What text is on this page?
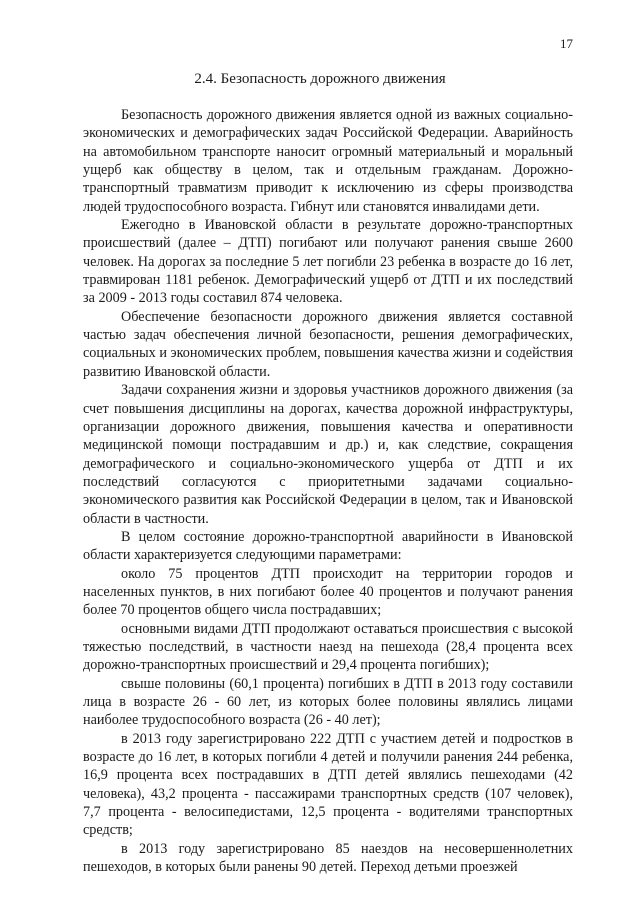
17
2.4. Безопасность дорожного движения

Безопасность дорожного движения является одной из важных социально-экономических и демографических задач Российской Федерации. Аварийность на автомобильном транспорте наносит огромный материальный и моральный ущерб как обществу в целом, так и отдельным гражданам. Дорожно-транспортный травматизм приводит к исключению из сферы производства людей трудоспособного возраста. Гибнут или становятся инвалидами дети.

Ежегодно в Ивановской области в результате дорожно-транспортных происшествий (далее – ДТП) погибают или получают ранения свыше 2600 человек. На дорогах за последние 5 лет погибли 23 ребенка в возрасте до 16 лет, травмирован 1181 ребенок. Демографический ущерб от ДТП и их последствий за 2009 - 2013 годы составил 874 человека.

Обеспечение безопасности дорожного движения является составной частью задач обеспечения личной безопасности, решения демографических, социальных и экономических проблем, повышения качества жизни и содействия развитию Ивановской области.

Задачи сохранения жизни и здоровья участников дорожного движения (за счет повышения дисциплины на дорогах, качества дорожной инфраструктуры, организации дорожного движения, повышения качества и оперативности медицинской помощи пострадавшим и др.) и, как следствие, сокращения демографического и социально-экономического ущерба от ДТП и их последствий согласуются с приоритетными задачами социально-экономического развития как Российской Федерации в целом, так и Ивановской области в частности.

В целом состояние дорожно-транспортной аварийности в Ивановской области характеризуется следующими параметрами:

около 75 процентов ДТП происходит на территории городов и населенных пунктов, в них погибают более 40 процентов и получают ранения более 70 процентов общего числа пострадавших;

основными видами ДТП продолжают оставаться происшествия с высокой тяжестью последствий, в частности наезд на пешехода (28,4 процента всех дорожно-транспортных происшествий и 29,4 процента погибших);

свыше половины (60,1 процента) погибших в ДТП в 2013 году составили лица в возрасте 26 - 60 лет, из которых более половины являлись лицами наиболее трудоспособного возраста (26 - 40 лет);

в 2013 году зарегистрировано 222 ДТП с участием детей и подростков в возрасте до 16 лет, в которых погибли 4 детей и получили ранения 244 ребенка, 16,9 процента всех пострадавших в ДТП детей являлись пешеходами (42 человека), 43,2 процента - пассажирами транспортных средств (107 человек), 7,7 процента - велосипедистами, 12,5 процента - водителями транспортных средств;

в 2013 году зарегистрировано 85 наездов на несовершеннолетних пешеходов, в которых были ранены 90 детей. Переход детьми проезжей
